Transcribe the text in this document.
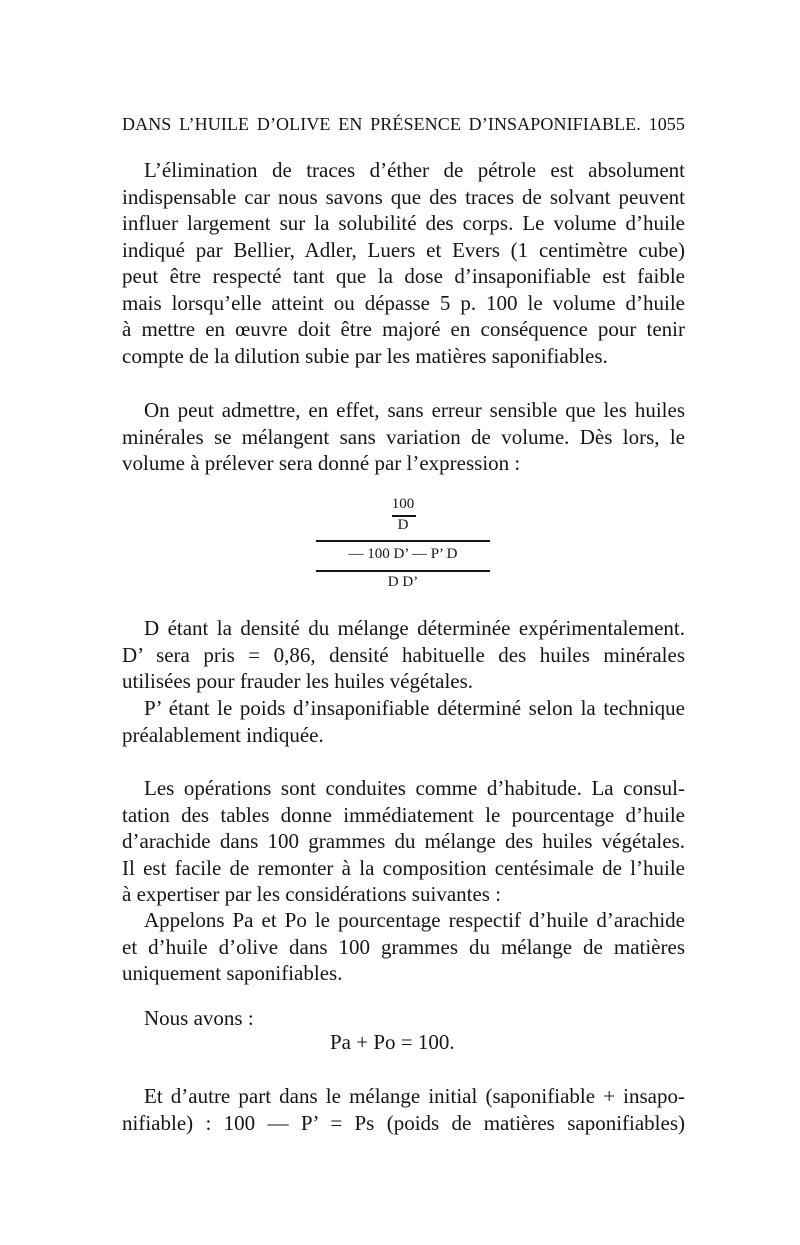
DANS L’HUILE D’OLIVE EN PRÉSENCE D’INSAPONIFIABLE. 1055
L’élimination de traces d’éther de pétrole est absolument
indispensable car nous savons que des traces de solvant peuvent
influer largement sur la solubilité des corps. Le volume d’huile
indiqué par Bellier, Adler, Luers et Evers (1 centimètre cube)
peut être respecté tant que la dose d’insaponifiable est faible
mais lorsqu’elle atteint ou dépasse 5 p. 100 le volume d’huile
à mettre en œuvre doit être majoré en conséquence pour tenir
compte de la dilution subie par les matières saponifiables.
On peut admettre, en effet, sans erreur sensible que les huiles
minérales se mélangent sans variation de volume. Dès lors, le
volume à prélever sera donné par l’expression :
100
D
— 100 D’ — P’ D
D D’
D étant la densité du mélange déterminée expérimentalement.
D’ sera pris = 0,86, densité habituelle des huiles minérales
utilisées pour frauder les huiles végétales.
P’ étant le poids d’insaponifiable déterminé selon la technique
préalablement indiquée.
Les opérations sont conduites comme d’habitude. La consul-
tation des tables donne immédiatement le pourcentage d’huile
d’arachide dans 100 grammes du mélange des huiles végétales.
Il est facile de remonter à la composition centésimale de l’huile
à expertiser par les considérations suivantes :
Appelons Pa et Po le pourcentage respectif d’huile d’arachide
et d’huile d’olive dans 100 grammes du mélange de matières
uniquement saponifiables.
Nous avons :
Pa + Po = 100.
Et d’autre part dans le mélange initial (saponifiable + insapo-
nifiable) : 100 — P’ = Ps (poids de matières saponifiables)
